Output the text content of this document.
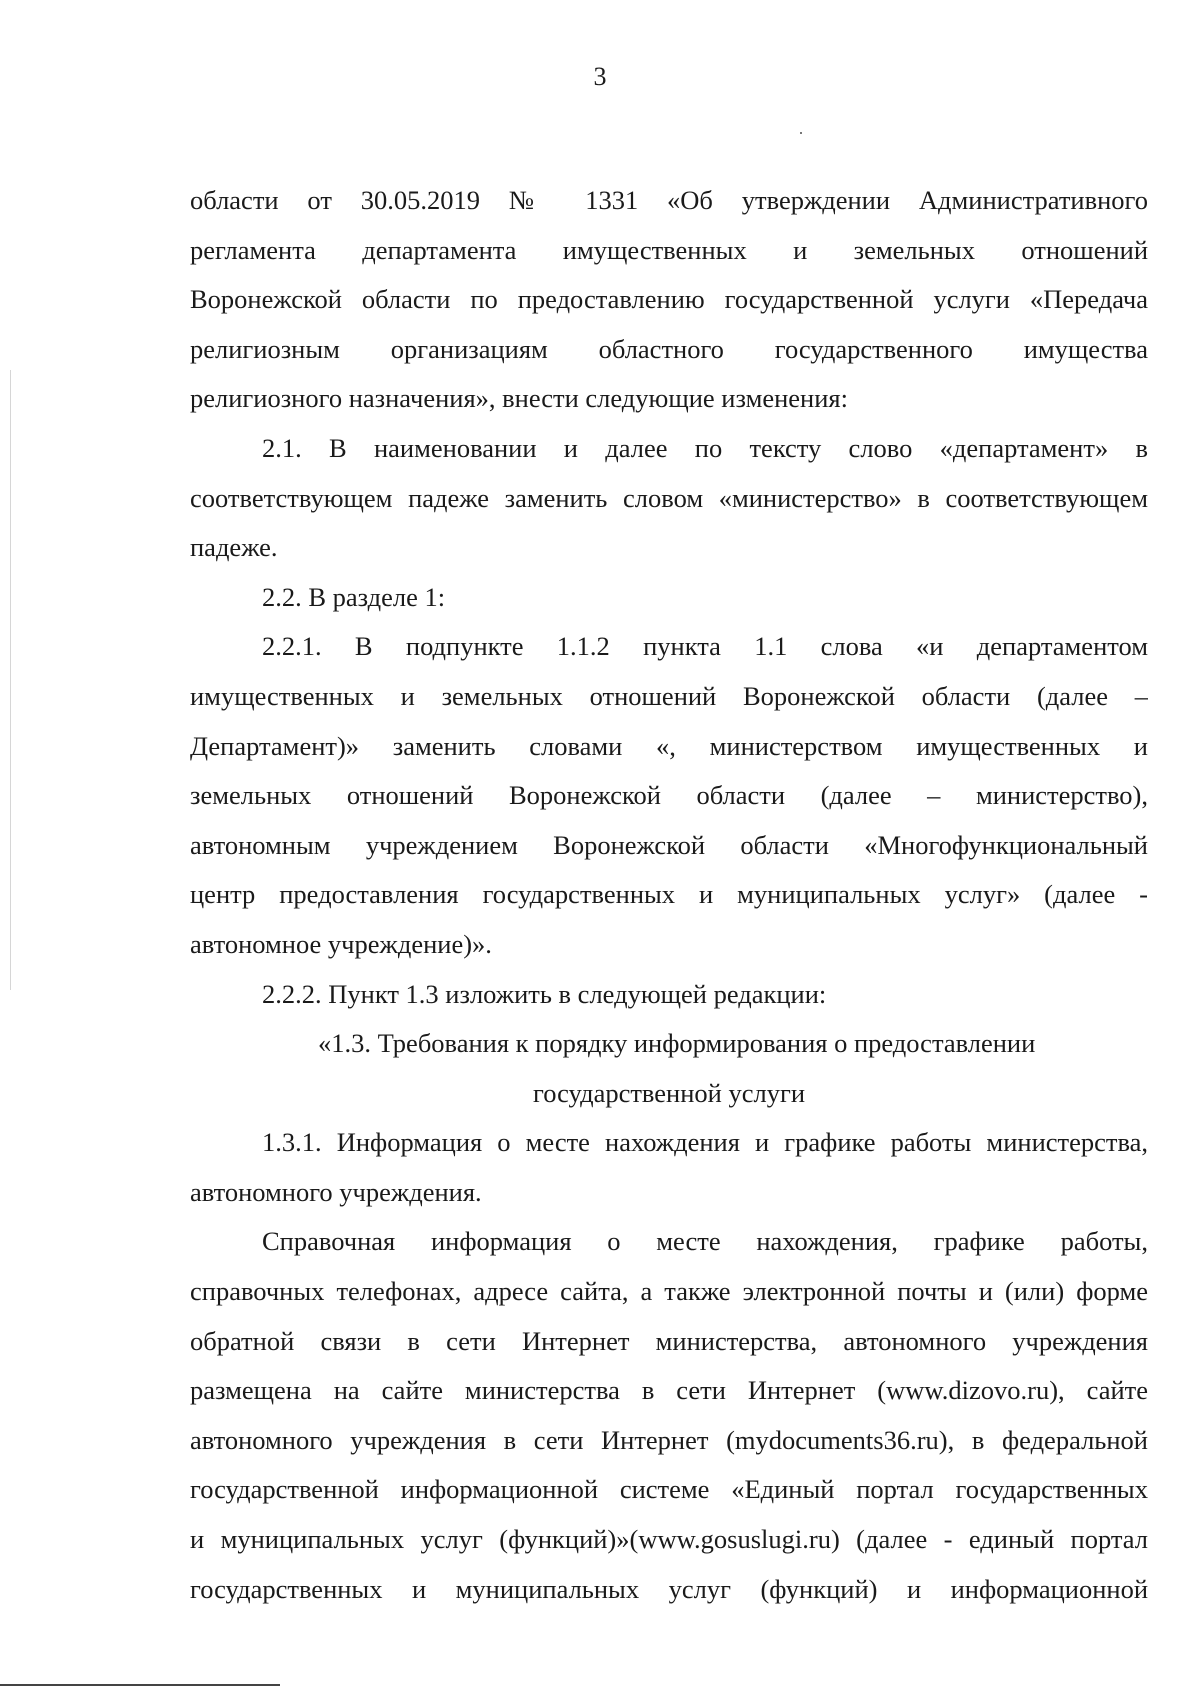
3
области от 30.05.2019 № 1331 «Об утверждении Административного
регламента департамента имущественных и земельных отношений
Воронежской области по предоставлению государственной услуги «Передача
религиозным организациям областного государственного имущества
религиозного назначения», внести следующие изменения:
2.1. В наименовании и далее по тексту слово «департамент» в
соответствующем падеже заменить словом «министерство» в соответствующем
падеже.
2.2. В разделе 1:
2.2.1. В подпункте 1.1.2 пункта 1.1 слова «и департаментом
имущественных и земельных отношений Воронежской области (далее –
Департамент)» заменить словами «, министерством имущественных и
земельных отношений Воронежской области (далее – министерство),
автономным учреждением Воронежской области «Многофункциональный
центр предоставления государственных и муниципальных услуг» (далее -
автономное учреждение)».
2.2.2. Пункт 1.3 изложить в следующей редакции:
«1.3. Требования к порядку информирования о предоставлении
государственной услуги
1.3.1. Информация о месте нахождения и графике работы министерства,
автономного учреждения.
Справочная информация о месте нахождения, графике работы,
справочных телефонах, адресе сайта, а также электронной почты и (или) форме
обратной связи в сети Интернет министерства, автономного учреждения
размещена на сайте министерства в сети Интернет (www.dizovo.ru), сайте
автономного учреждения в сети Интернет (mydocuments36.ru), в федеральной
государственной информационной системе «Единый портал государственных
и муниципальных услуг (функций)»(www.gosuslugi.ru) (далее - единый портал
государственных и муниципальных услуг (функций) и информационной
